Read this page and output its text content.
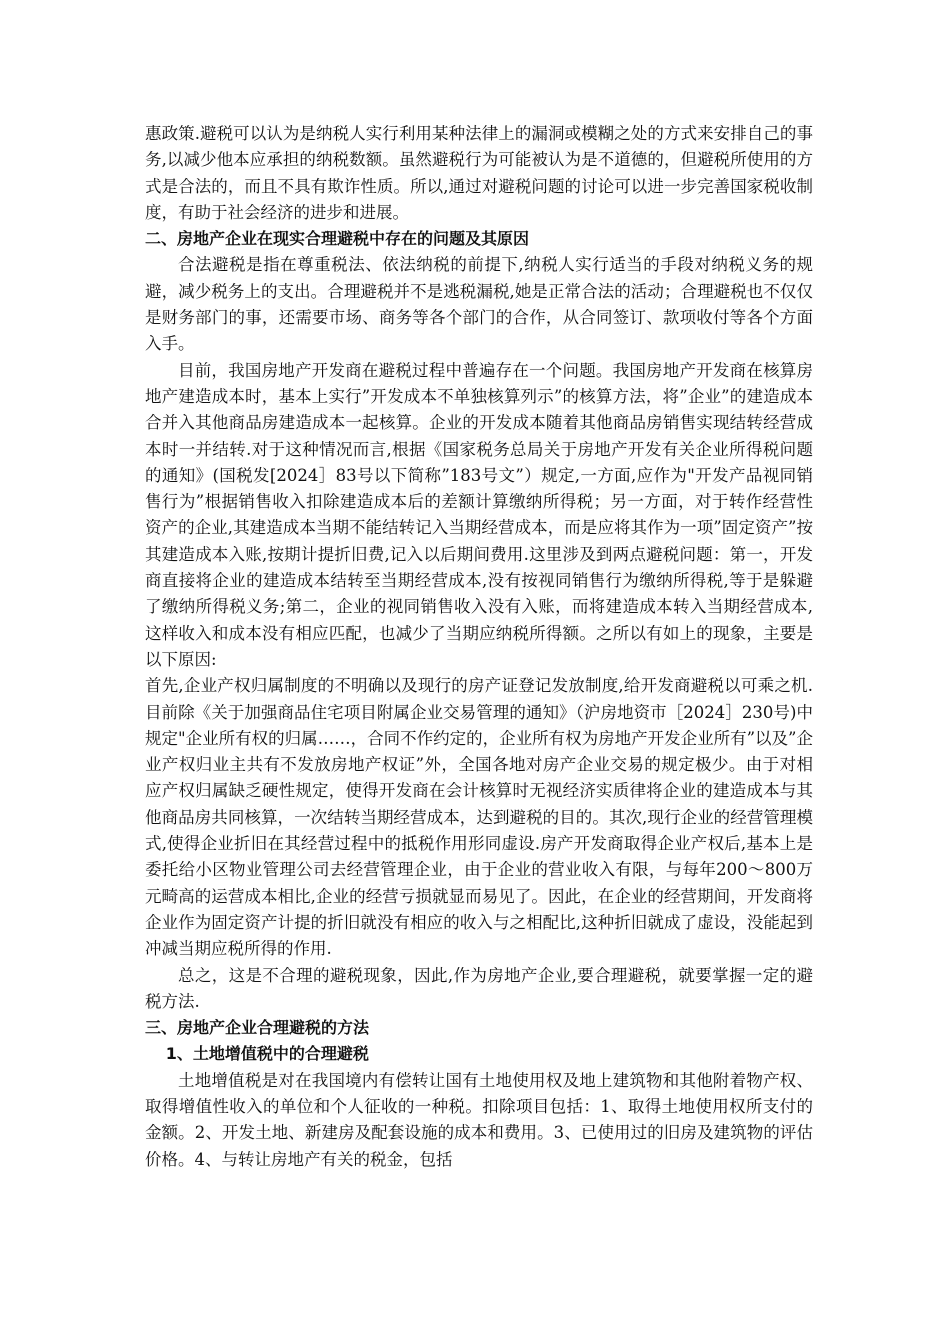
惠政策.避税可以认为是纳税人实行利用某种法律上的漏洞或模糊之处的方式来安排自己的事务,以减少他本应承担的纳税数额。虽然避税行为可能被认为是不道德的，但避税所使用的方式是合法的，而且不具有欺诈性质。所以,通过对避税问题的讨论可以进一步完善国家税收制度，有助于社会经济的进步和进展。

二、房地产企业在现实合理避税中存在的问题及其原因

合法避税是指在尊重税法、依法纳税的前提下,纳税人实行适当的手段对纳税义务的规避，减少税务上的支出。合理避税并不是逃税漏税,她是正常合法的活动；合理避税也不仅仅是财务部门的事，还需要市场、商务等各个部门的合作，从合同签订、款项收付等各个方面入手。

目前，我国房地产开发商在避税过程中普遍存在一个问题。我国房地产开发商在核算房地产建造成本时，基本上实行”开发成本不单独核算列示”的核算方法，将”企业”的建造成本合并入其他商品房建造成本一起核算。企业的开发成本随着其他商品房销售实现结转经营成本时一并结转.对于这种情况而言,根据《国家税务总局关于房地产开发有关企业所得税问题的通知》(国税发[2024］83号以下简称”183号文”）规定,一方面,应作为"开发产品视同销售行为”根据销售收入扣除建造成本后的差额计算缴纳所得税；另一方面，对于转作经营性资产的企业,其建造成本当期不能结转记入当期经营成本，而是应将其作为一项”固定资产”按其建造成本入账,按期计提折旧费,记入以后期间费用.这里涉及到两点避税问题：第一，开发商直接将企业的建造成本结转至当期经营成本,没有按视同销售行为缴纳所得税,等于是躲避了缴纳所得税义务;第二，企业的视同销售收入没有入账，而将建造成本转入当期经营成本,这样收入和成本没有相应匹配，也减少了当期应纳税所得额。之所以有如上的现象，主要是以下原因:

首先,企业产权归属制度的不明确以及现行的房产证登记发放制度,给开发商避税以可乘之机.目前除《关于加强商品住宅项目附属企业交易管理的通知》（沪房地资市［2024］230号)中规定"企业所有权的归属……，合同不作约定的，企业所有权为房地产开发企业所有”以及”企业产权归业主共有不发放房地产权证”外，全国各地对房产企业交易的规定极少。由于对相应产权归属缺乏硬性规定，使得开发商在会计核算时无视经济实质律将企业的建造成本与其他商品房共同核算，一次结转当期经营成本，达到避税的目的。其次,现行企业的经营管理模式,使得企业折旧在其经营过程中的抵税作用形同虚设.房产开发商取得企业产权后,基本上是委托给小区物业管理公司去经营管理企业，由于企业的营业收入有限，与每年200～800万元畸高的运营成本相比,企业的经营亏损就显而易见了。因此，在企业的经营期间，开发商将企业作为固定资产计提的折旧就没有相应的收入与之相配比,这种折旧就成了虚设，没能起到冲减当期应税所得的作用.

总之，这是不合理的避税现象，因此,作为房地产企业,要合理避税，就要掌握一定的避税方法.

三、房地产企业合理避税的方法

1、土地增值税中的合理避税

土地增值税是对在我国境内有偿转让国有土地使用权及地上建筑物和其他附着物产权、取得增值性收入的单位和个人征收的一种税。扣除项目包括：1、取得土地使用权所支付的金额。2、开发土地、新建房及配套设施的成本和费用。3、已使用过的旧房及建筑物的评估价格。4、与转让房地产有关的税金，包括
